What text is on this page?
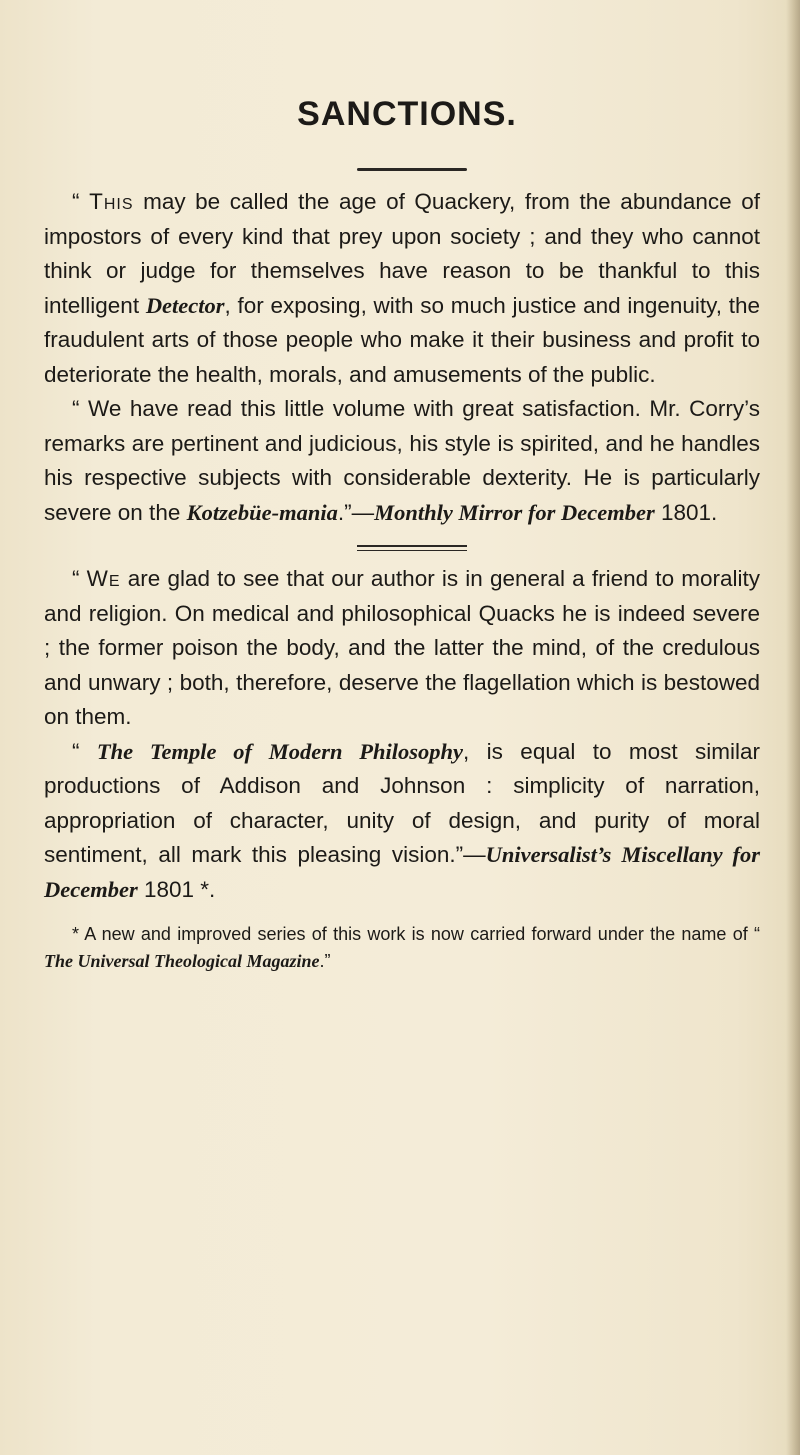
SANCTIONS.

“ This may be called the age of Quackery, from the abundance of impostors of every kind that prey upon society ; and they who cannot think or judge for themselves have reason to be thankful to this intelligent Detector, for exposing, with so much justice and ingenuity, the fraudulent arts of those people who make it their business and profit to deteriorate the health, morals, and amusements of the public.

“ We have read this little volume with great satisfaction. Mr. Corry’s remarks are pertinent and judicious, his style is spirited, and he handles his respective subjects with considerable dexterity. He is particularly severe on the Kotzebüe-mania.”—Monthly Mirror for December 1801.

“ We are glad to see that our author is in general a friend to morality and religion. On medical and philosophical Quacks he is indeed severe ; the former poison the body, and the latter the mind, of the credulous and unwary ; both, therefore, deserve the flagellation which is bestowed on them.

“ The Temple of Modern Philosophy, is equal to most similar productions of Addison and Johnson : simplicity of narration, appropriation of character, unity of design, and purity of moral sentiment, all mark this pleasing vision.”—Universalist’s Miscellany for December 1801 *.

* A new and improved series of this work is now carried forward under the name of “ The Universal Theological Magazine.”
